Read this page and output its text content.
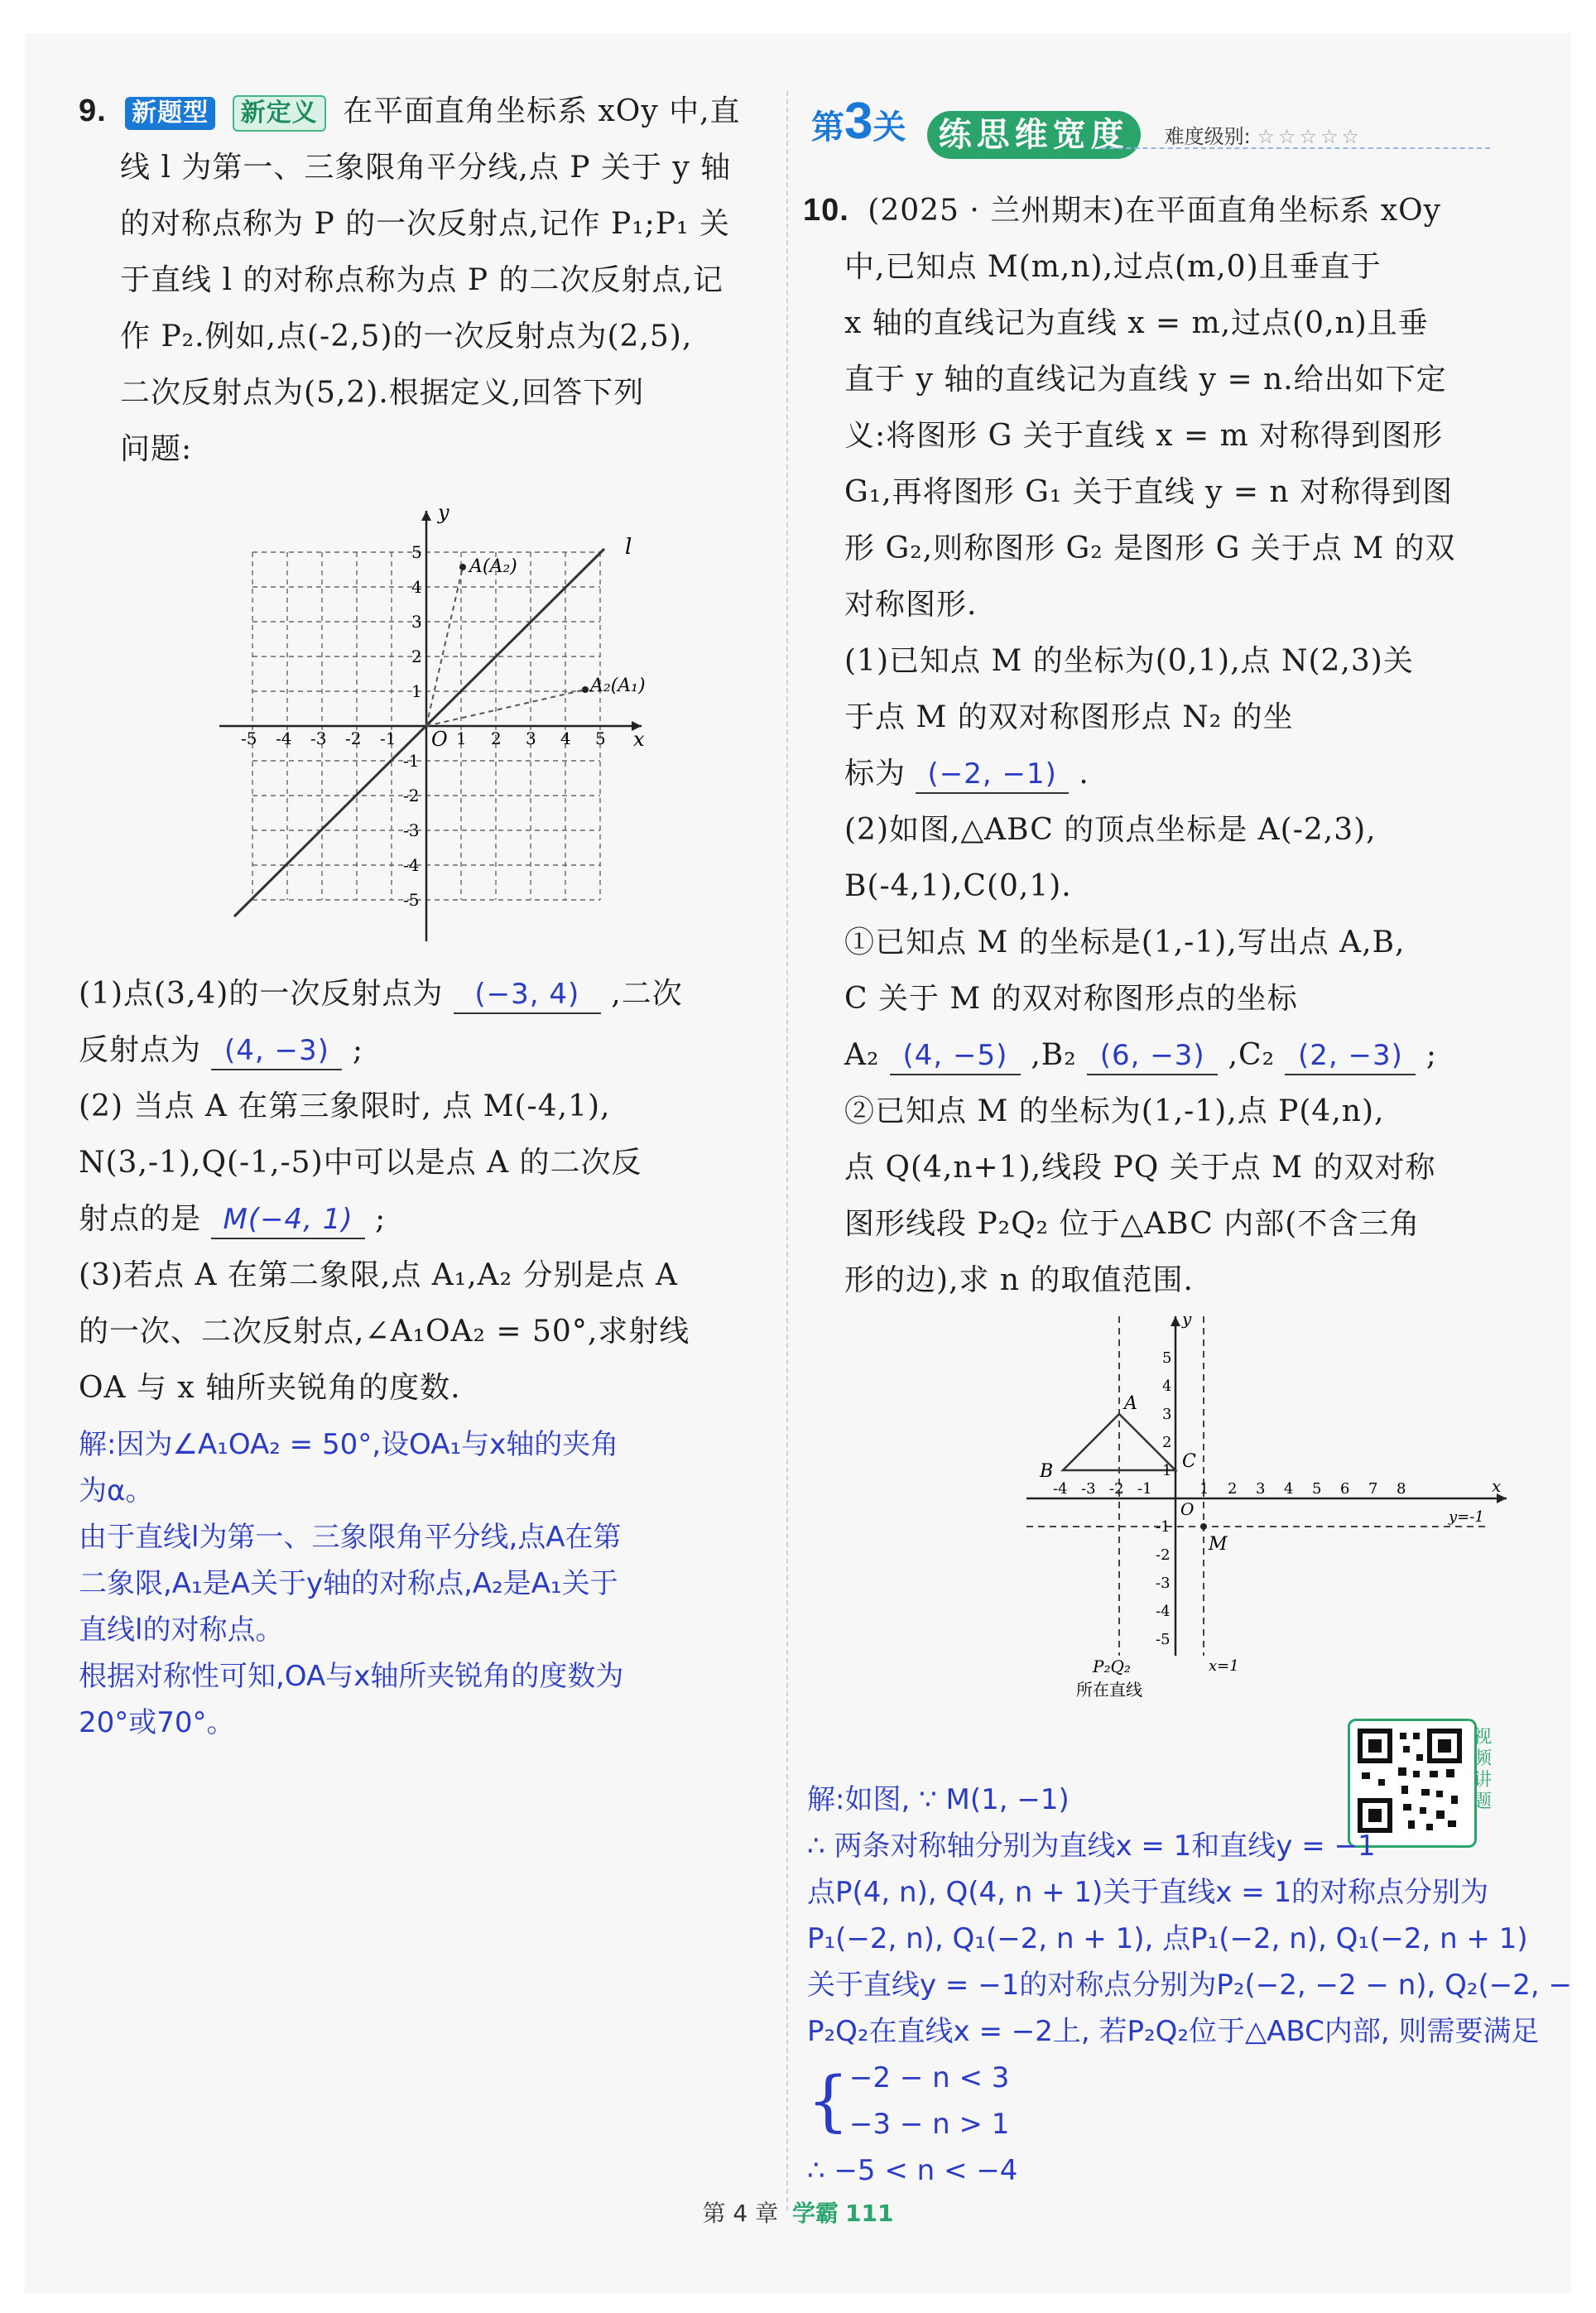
9. 新题型 新定义 在平面直角坐标系 xOy 中,直
线 l 为第一、三象限角平分线,点 P 关于 y 轴
的对称点称为 P 的一次反射点,记作 P₁;P₁ 关
于直线 l 的对称点称为点 P 的二次反射点,记
作 P₂.例如,点(-2,5)的一次反射点为(2,5),
二次反射点为(5,2).根据定义,回答下列
问题:
l
x
y
O
A(A₂)
A₂(A₁)
-5 -4 -3 -2 -1	1 2 3 4 5
5
4
3
2
1
-1
-2
-3
-4
-5
(1)点(3,4)的一次反射点为 (−3, 4) ,二次
反射点为 (4, −3) ;
(2) 当点 A 在第三象限时, 点 M(-4,1),
N(3,-1),Q(-1,-5)中可以是点 A 的二次反
射点的是 M(−4, 1) ;
(3)若点 A 在第二象限,点 A₁,A₂ 分别是点 A
的一次、二次反射点,∠A₁OA₂ = 50°,求射线
OA 与 x 轴所夹锐角的度数.
解:因为∠A₁OA₂ = 50°,设OA₁与x轴的夹角
为α。
由于直线l为第一、三象限角平分线,点A在第
二象限,A₁是A关于y轴的对称点,A₂是A₁关于
直线l的对称点。
根据对称性可知,OA与x轴所夹锐角的度数为
20°或70°。
第3关 练思维宽度 难度级别: ☆☆☆☆☆
10. (2025 · 兰州期末)在平面直角坐标系 xOy
中,已知点 M(m,n),过点(m,0)且垂直于
x 轴的直线记为直线 x = m,过点(0,n)且垂
直于 y 轴的直线记为直线 y = n.给出如下定
义:将图形 G 关于直线 x = m 对称得到图形
G₁,再将图形 G₁ 关于直线 y = n 对称得到图
形 G₂,则称图形 G₂ 是图形 G 关于点 M 的双
对称图形.
(1)已知点 M 的坐标为(0,1),点 N(2,3)关
于点 M 的双对称图形点 N₂ 的坐
标为 (−2, −1) .
(2)如图,△ABC 的顶点坐标是 A(-2,3),
B(-4,1),C(0,1).
①已知点 M 的坐标是(1,-1),写出点 A,B,
C 关于 M 的双对称图形点的坐标
A₂ (4, −5) ,B₂ (6, −3) ,C₂ (2, −3) ;
②已知点 M 的坐标为(1,-1),点 P(4,n),
点 Q(4,n+1),线段 PQ 关于点 M 的双对称
图形线段 P₂Q₂ 位于△ABC 内部(不含三角
形的边),求 n 的取值范围.
A
B	C
M
x
y
O	y=-1
x=1
P₂Q₂
所在直线
-4 -3 -2 -1	1 2 3 4 5 6 7 8
5
4
3
2
1
-1
-2
-3
-4
-5
视频讲题
解:如图, ∵ M(1, −1)
∴ 两条对称轴分别为直线x = 1和直线y = −1
点P(4, n), Q(4, n + 1)关于直线x = 1的对称点分别为
P₁(−2, n), Q₁(−2, n + 1), 点P₁(−2, n), Q₁(−2, n + 1)
关于直线y = −1的对称点分别为P₂(−2, −2 − n), Q₂(−2, −
P₂Q₂在直线x = −2上, 若P₂Q₂位于△ABC内部, 则需要满足
{ −2 − n < 3
−3 − n > 1
∴ −5 < n < −4
第 4 章 学霸 111
